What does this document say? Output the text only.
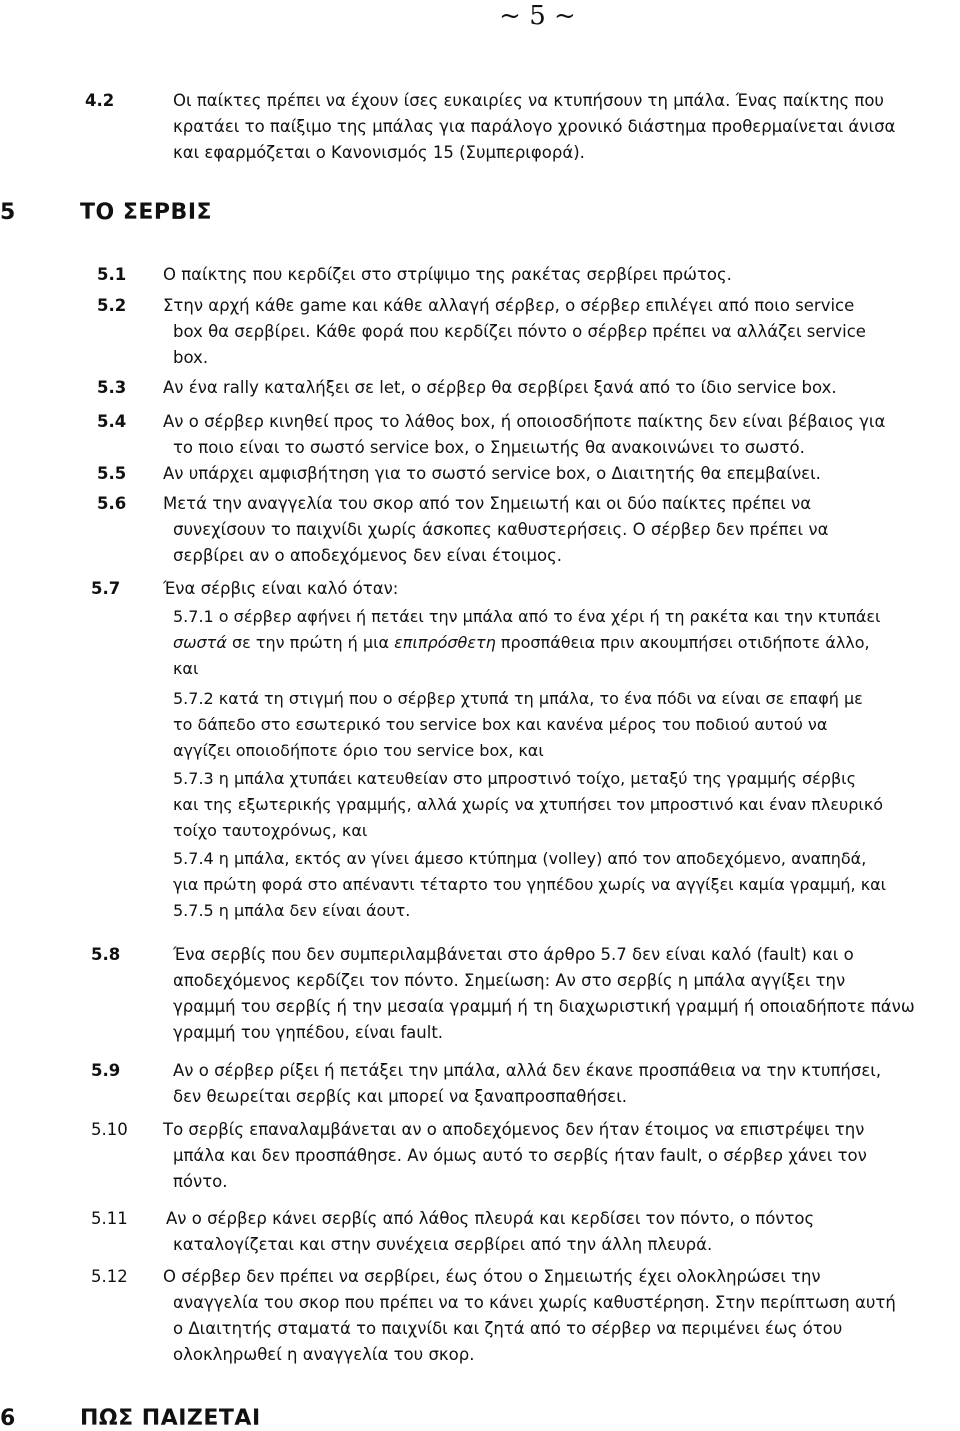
~ 5 ~
4.2	Οι παίκτες πρέπει να έχουν ίσες ευκαιρίες να κτυπήσουν τη μπάλα. Ένας παίκτης που
κρατάει το παίξιμο της μπάλας για παράλογο χρονικό διάστημα προθερμαίνεται άνισα
και εφαρμόζεται ο Κανονισμός 15 (Συμπεριφορά).
5	ΤΟ ΣΕΡΒΙΣ
5.1 Ο παίκτης που κερδίζει στο στρίψιμο της ρακέτας σερβίρει πρώτος.
5.2 Στην αρχή κάθε game και κάθε αλλαγή σέρβερ, ο σέρβερ επιλέγει από ποιο service
box θα σερβίρει. Κάθε φορά που κερδίζει πόντο ο σέρβερ πρέπει να αλλάζει service
box.
5.3 Αν ένα rally καταλήξει σε let, ο σέρβερ θα σερβίρει ξανά από το ίδιο service box.
5.4 Αν ο σέρβερ κινηθεί προς το λάθος box, ή οποιοσδήποτε παίκτης δεν είναι βέβαιος για
το ποιο είναι το σωστό service box, ο Σημειωτής θα ανακοινώνει το σωστό.
5.5 Αν υπάρχει αμφισβήτηση για το σωστό service box, ο Διαιτητής θα επεμβαίνει.
5.6 Μετά την αναγγελία του σκορ από τον Σημειωτή και οι δύο παίκτες πρέπει να
συνεχίσουν το παιχνίδι χωρίς άσκοπες καθυστερήσεις. Ο σέρβερ δεν πρέπει να
σερβίρει αν ο αποδεχόμενος δεν είναι έτοιμος.
5.7	Ένα σέρβις είναι καλό όταν:
5.7.1 ο σέρβερ αφήνει ή πετάει την μπάλα από το ένα χέρι ή τη ρακέτα και την κτυπάει
σωστά σε την πρώτη ή μια επιπρόσθετη προσπάθεια πριν ακουμπήσει οτιδήποτε άλλο,
και
5.7.2 κατά τη στιγμή που ο σέρβερ χτυπά τη μπάλα, το ένα πόδι να είναι σε επαφή με
το δάπεδο στο εσωτερικό του service box και κανένα μέρος του ποδιού αυτού να
αγγίζει οποιοδήποτε όριο του service box, και
5.7.3 η μπάλα χτυπάει κατευθείαν στο μπροστινό τοίχο, μεταξύ της γραμμής σέρβις
και της εξωτερικής γραμμής, αλλά χωρίς να χτυπήσει τον μπροστινό και έναν πλευρικό
τοίχο ταυτοχρόνως, και
5.7.4 η μπάλα, εκτός αν γίνει άμεσο κτύπημα (volley) από τον αποδεχόμενο, αναπηδά,
για πρώτη φορά στο απέναντι τέταρτο του γηπέδου χωρίς να αγγίξει καμία γραμμή, και
5.7.5 η μπάλα δεν είναι άουτ.
5.8	Ένα σερβίς που δεν συμπεριλαμβάνεται στο άρθρο 5.7 δεν είναι καλό (fault) και ο
αποδεχόμενος κερδίζει τον πόντο. Σημείωση: Αν στο σερβίς η μπάλα αγγίξει την
γραμμή του σερβίς ή την μεσαία γραμμή ή τη διαχωριστική γραμμή ή οποιαδήποτε πάνω
γραμμή του γηπέδου, είναι fault.
5.9	Αν ο σέρβερ ρίξει ή πετάξει την μπάλα, αλλά δεν έκανε προσπάθεια να την κτυπήσει,
δεν θεωρείται σερβίς και μπορεί να ξαναπροσπαθήσει.
5.10 Το σερβίς επαναλαμβάνεται αν ο αποδεχόμενος δεν ήταν έτοιμος να επιστρέψει την
μπάλα και δεν προσπάθησε. Αν όμως αυτό το σερβίς ήταν fault, ο σέρβερ χάνει τον
πόντο.
5.11 Αν ο σέρβερ κάνει σερβίς από λάθος πλευρά και κερδίσει τον πόντο, ο πόντος
καταλογίζεται και στην συνέχεια σερβίρει από την άλλη πλευρά.
5.12 Ο σέρβερ δεν πρέπει να σερβίρει, έως ότου ο Σημειωτής έχει ολοκληρώσει την
αναγγελία του σκορ που πρέπει να το κάνει χωρίς καθυστέρηση. Στην περίπτωση αυτή
ο Διαιτητής σταματά το παιχνίδι και ζητά από το σέρβερ να περιμένει έως ότου
ολοκληρωθεί η αναγγελία του σκορ.
6	ΠΩΣ ΠΑΙΖΕΤΑΙ
